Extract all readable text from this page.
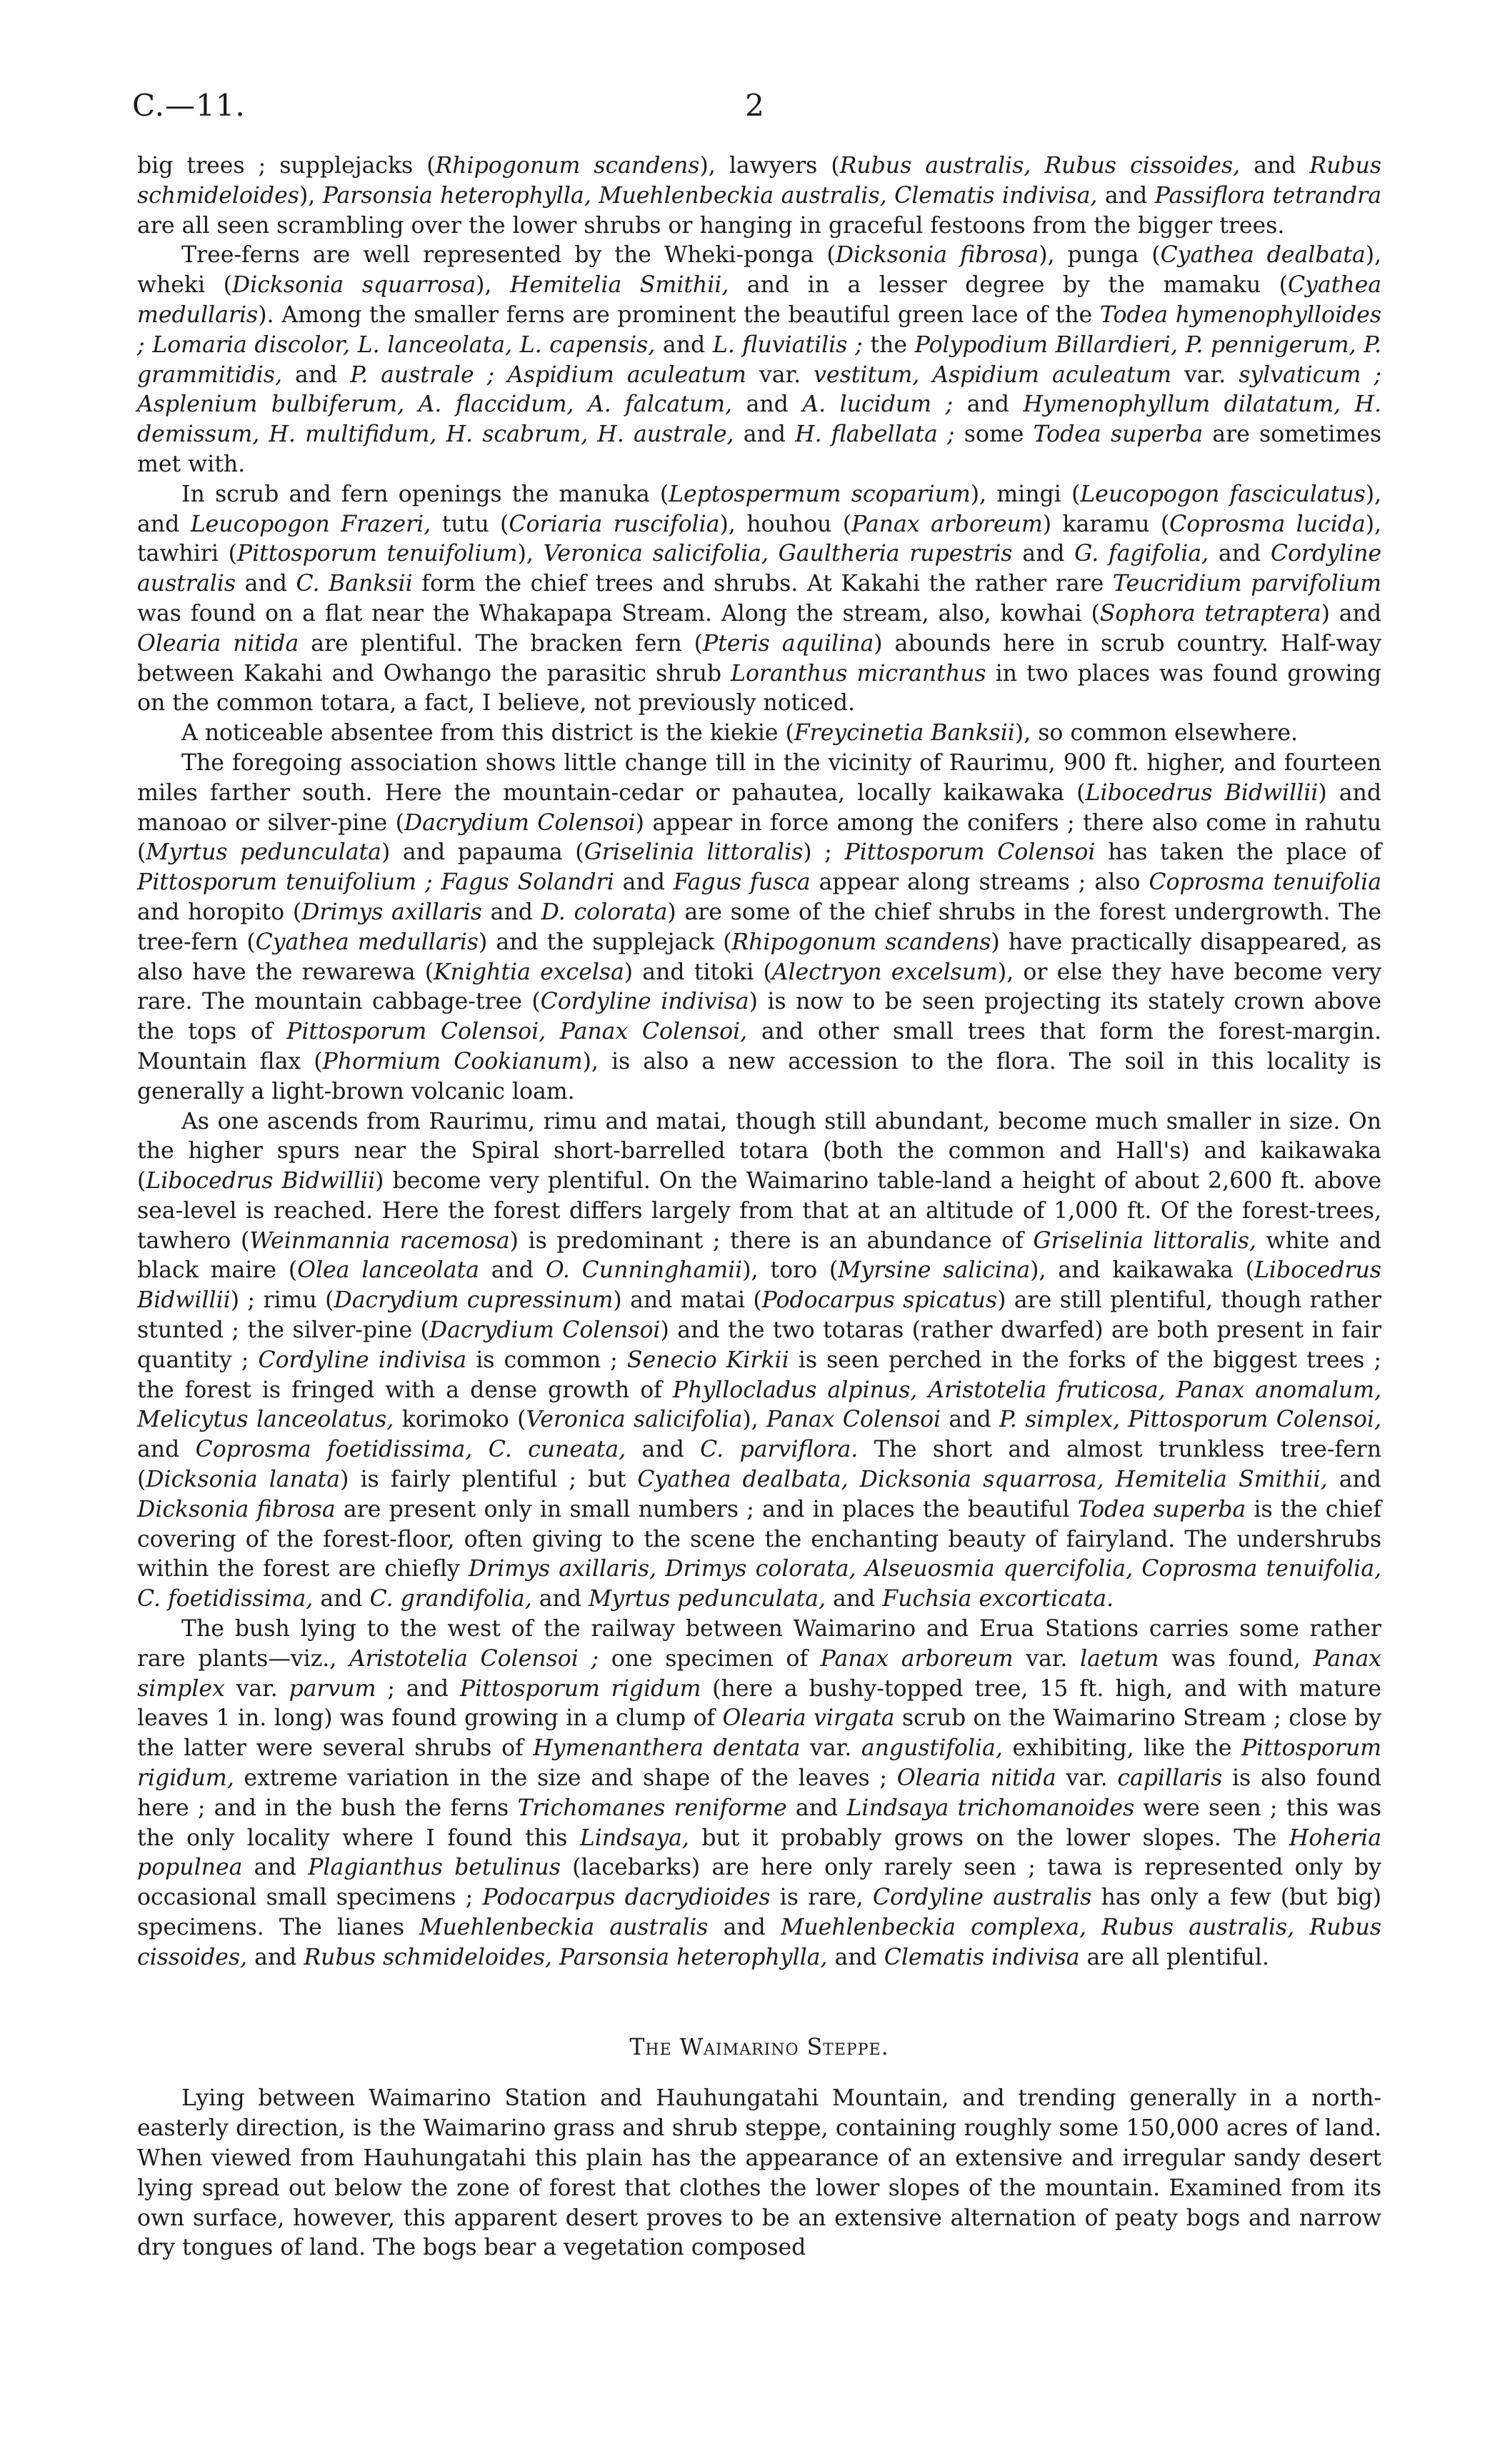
C.—11.	2

big trees ; supplejacks (Rhipogonum scandens), lawyers (Rubus australis, Rubus cissoides, and Rubus schmideloides), Parsonsia heterophylla, Muehlenbeckia australis, Clematis indivisa, and Passiflora tetrandra are all seen scrambling over the lower shrubs or hanging in graceful festoons from the bigger trees.

Tree-ferns are well represented by the Wheki-ponga (Dicksonia fibrosa), punga (Cyathea dealbata), wheki (Dicksonia squarrosa), Hemitelia Smithii, and in a lesser degree by the mamaku (Cyathea medullaris). Among the smaller ferns are prominent the beautiful green lace of the Todea hymenophylloides ; Lomaria discolor, L. lanceolata, L. capensis, and L. fluviatilis ; the Polypodium Billardieri, P. pennigerum, P. grammitidis, and P. australe ; Aspidium aculeatum var. vestitum, Aspidium aculeatum var. sylvaticum ; Asplenium bulbiferum, A. flaccidum, A. falcatum, and A. lucidum ; and Hymenophyllum dilatatum, H. demissum, H. multifidum, H. scabrum, H. australe, and H. flabellata ; some Todea superba are sometimes met with.

In scrub and fern openings the manuka (Leptospermum scoparium), mingi (Leucopogon fasciculatus), and Leucopogon Frazeri, tutu (Coriaria ruscifolia), houhou (Panax arboreum) karamu (Coprosma lucida), tawhiri (Pittosporum tenuifolium), Veronica salicifolia, Gaultheria rupestris and G. fagifolia, and Cordyline australis and C. Banksii form the chief trees and shrubs. At Kakahi the rather rare Teucridium parvifolium was found on a flat near the Whakapapa Stream. Along the stream, also, kowhai (Sophora tetraptera) and Olearia nitida are plentiful. The bracken fern (Pteris aquilina) abounds here in scrub country. Half-way between Kakahi and Owhango the parasitic shrub Loranthus micranthus in two places was found growing on the common totara, a fact, I believe, not previously noticed.

A noticeable absentee from this district is the kiekie (Freycinetia Banksii), so common elsewhere.

The foregoing association shows little change till in the vicinity of Raurimu, 900 ft. higher, and fourteen miles farther south. Here the mountain-cedar or pahautea, locally kaikawaka (Libocedrus Bidwillii) and manoao or silver-pine (Dacrydium Colensoi) appear in force among the conifers ; there also come in rahutu (Myrtus pedunculata) and papauma (Griselinia littoralis) ; Pittosporum Colensoi has taken the place of Pittosporum tenuifolium ; Fagus Solandri and Fagus fusca appear along streams ; also Coprosma tenuifolia and horopito (Drimys axillaris and D. colorata) are some of the chief shrubs in the forest undergrowth. The tree-fern (Cyathea medullaris) and the supplejack (Rhipogonum scandens) have practically disappeared, as also have the rewarewa (Knightia excelsa) and titoki (Alectryon excelsum), or else they have become very rare. The mountain cabbage-tree (Cordyline indivisa) is now to be seen projecting its stately crown above the tops of Pittosporum Colensoi, Panax Colensoi, and other small trees that form the forest-margin. Mountain flax (Phormium Cookianum), is also a new accession to the flora. The soil in this locality is generally a light-brown volcanic loam.

As one ascends from Raurimu, rimu and matai, though still abundant, become much smaller in size. On the higher spurs near the Spiral short-barrelled totara (both the common and Hall's) and kaikawaka (Libocedrus Bidwillii) become very plentiful. On the Waimarino table-land a height of about 2,600 ft. above sea-level is reached. Here the forest differs largely from that at an altitude of 1,000 ft. Of the forest-trees, tawhero (Weinmannia racemosa) is predominant ; there is an abundance of Griselinia littoralis, white and black maire (Olea lanceolata and O. Cunninghamii), toro (Myrsine salicina), and kaikawaka (Libocedrus Bidwillii) ; rimu (Dacrydium cupressinum) and matai (Podocarpus spicatus) are still plentiful, though rather stunted ; the silver-pine (Dacrydium Colensoi) and the two totaras (rather dwarfed) are both present in fair quantity ; Cordyline indivisa is common ; Senecio Kirkii is seen perched in the forks of the biggest trees ; the forest is fringed with a dense growth of Phyllocladus alpinus, Aristotelia fruticosa, Panax anomalum, Melicytus lanceolatus, korimoko (Veronica salicifolia), Panax Colensoi and P. simplex, Pittosporum Colensoi, and Coprosma foetidissima, C. cuneata, and C. parviflora. The short and almost trunkless tree-fern (Dicksonia lanata) is fairly plentiful ; but Cyathea dealbata, Dicksonia squarrosa, Hemitelia Smithii, and Dicksonia fibrosa are present only in small numbers ; and in places the beautiful Todea superba is the chief covering of the forest-floor, often giving to the scene the enchanting beauty of fairyland. The undershrubs within the forest are chiefly Drimys axillaris, Drimys colorata, Alseuosmia quercifolia, Coprosma tenuifolia, C. foetidissima, and C. grandifolia, and Myrtus pedunculata, and Fuchsia excorticata.

The bush lying to the west of the railway between Waimarino and Erua Stations carries some rather rare plants—viz., Aristotelia Colensoi ; one specimen of Panax arboreum var. laetum was found, Panax simplex var. parvum ; and Pittosporum rigidum (here a bushy-topped tree, 15 ft. high, and with mature leaves 1 in. long) was found growing in a clump of Olearia virgata scrub on the Waimarino Stream ; close by the latter were several shrubs of Hymenanthera dentata var. angustifolia, exhibiting, like the Pittosporum rigidum, extreme variation in the size and shape of the leaves ; Olearia nitida var. capillaris is also found here ; and in the bush the ferns Trichomanes reniforme and Lindsaya trichomanoides were seen ; this was the only locality where I found this Lindsaya, but it probably grows on the lower slopes. The Hoheria populnea and Plagianthus betulinus (lacebarks) are here only rarely seen ; tawa is represented only by occasional small specimens ; Podocarpus dacrydioides is rare, Cordyline australis has only a few (but big) specimens. The lianes Muehlenbeckia australis and Muehlenbeckia complexa, Rubus australis, Rubus cissoides, and Rubus schmideloides, Parsonsia heterophylla, and Clematis indivisa are all plentiful.

The Waimarino Steppe.

Lying between Waimarino Station and Hauhungatahi Mountain, and trending generally in a north-easterly direction, is the Waimarino grass and shrub steppe, containing roughly some 150,000 acres of land. When viewed from Hauhungatahi this plain has the appearance of an extensive and irregular sandy desert lying spread out below the zone of forest that clothes the lower slopes of the mountain. Examined from its own surface, however, this apparent desert proves to be an extensive alternation of peaty bogs and narrow dry tongues of land. The bogs bear a vegetation composed
